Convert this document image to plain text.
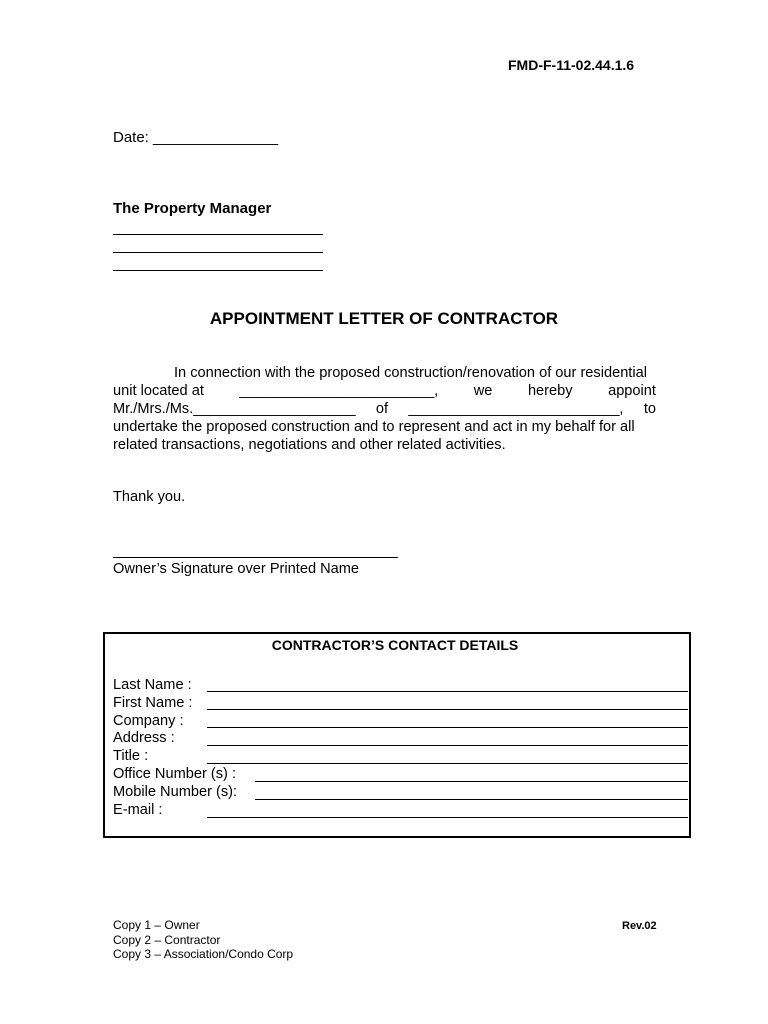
FMD-F-11-02.44.1.6
Date: _______________
The Property Manager
APPOINTMENT LETTER OF CONTRACTOR
In connection with the proposed construction/renovation of our residential
unit located at ________________________, we hereby appoint
Mr./Mrs./Ms.____________________ of __________________________, to
undertake the proposed construction and to represent and act in my behalf for all
related transactions, negotiations and other related activities.
Thank you.
Owner’s Signature over Printed Name
CONTRACTOR’S CONTACT DETAILS
Last Name :
First Name :
Company :
Address :
Title :
Office Number (s) :
Mobile Number (s):
E-mail :
Copy 1 – Owner
Copy 2 – Contractor
Copy 3 – Association/Condo Corp
Rev.02
